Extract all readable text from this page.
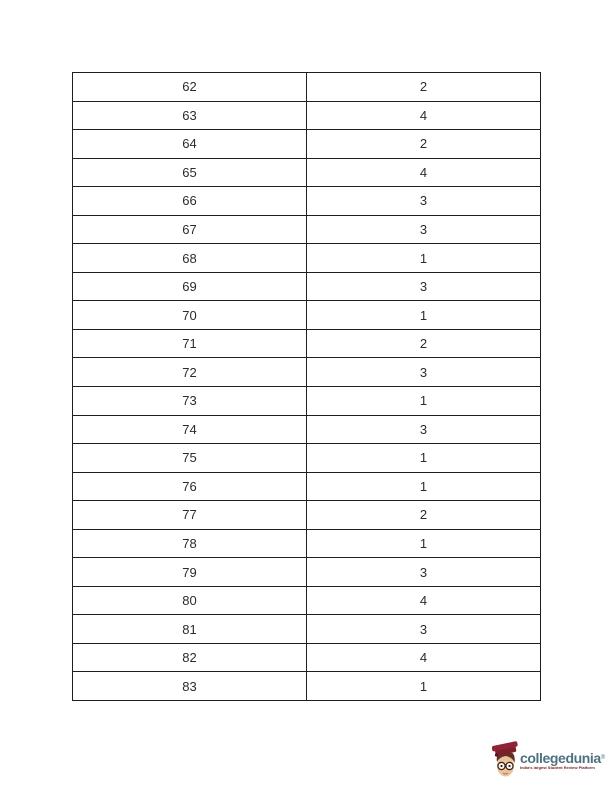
62	2
63	4
64	2
65	4
66	3
67	3
68	1
69	3
70	1
71	2
72	3
73	1
74	3
75	1
76	1
77	2
78	1
79	3
80	4
81	3
82	4
83	1
collegedunia®
India's largest Student Review Platform
